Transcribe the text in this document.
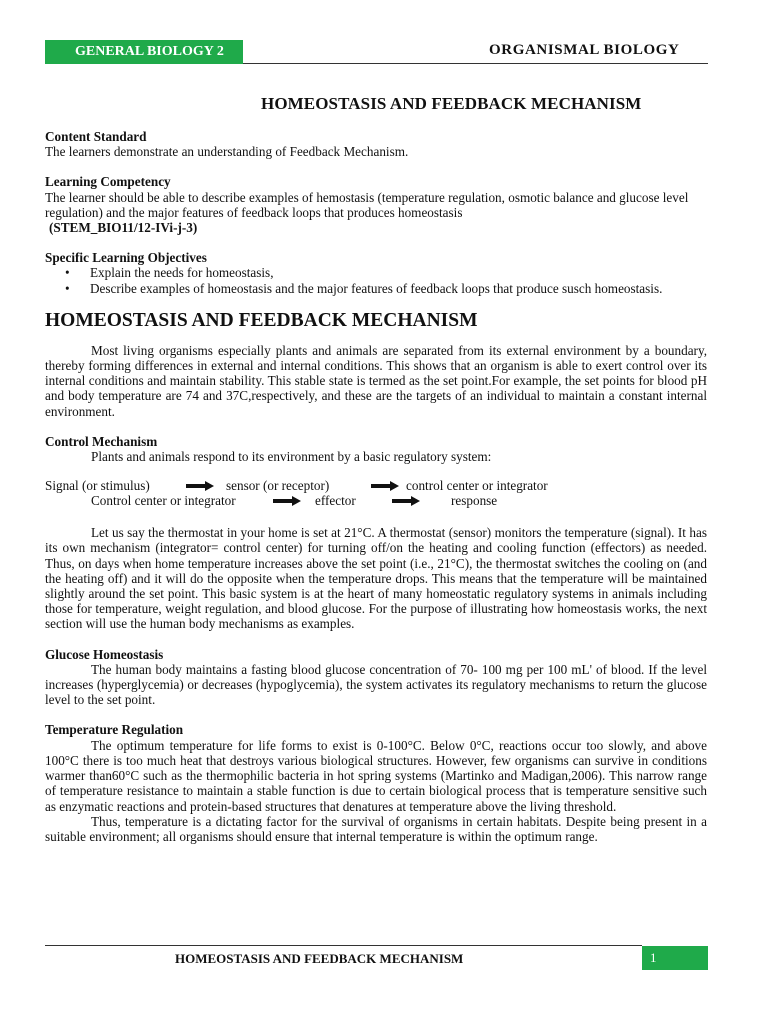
GENERAL BIOLOGY 2	ORGANISMAL BIOLOGY
HOMEOSTASIS AND FEEDBACK MECHANISM

Content Standard

The learners demonstrate an understanding of Feedback Mechanism.

Learning Competency

The learner should be able to describe examples of hemostasis (temperature regulation, osmotic balance and glucose level regulation) and the major features of feedback loops that produces homeostasis

(STEM_BIO11/12-IVi-j-3)

Specific Learning Objectives

• Explain the needs for homeostasis,
• Describe examples of homeostasis and the major features of feedback loops that produce susch homeostasis.
HOMEOSTASIS AND FEEDBACK MECHANISM

Most living organisms especially plants and animals are separated from its external environment by a boundary, thereby forming differences in external and internal conditions. This shows that an organism is able to exert control over its internal conditions and maintain stability. This stable state is termed as the set point.For example, the set points for blood pH and body temperature are 74 and 37C,respectively, and these are the targets of an individual to maintain a constant internal environment.

Control Mechanism

Plants and animals respond to its environment by a basic regulatory system:

Signal (or stimulus)	sensor (or receptor)	control center or integrator
Control center or integrator	effector	response

Let us say the thermostat in your home is set at 21°C. A thermostat (sensor) monitors the temperature (signal). It has its own mechanism (integrator= control center) for turning off/on the heating and cooling function (effectors) as needed. Thus, on days when home temperature increases above the set point (i.e., 21°C), the thermostat switches the cooling on (and the heating off) and it will do the opposite when the temperature drops. This means that the temperature will be maintained slightly around the set point. This basic system is at the heart of many homeostatic regulatory systems in animals including those for temperature, weight regulation, and blood glucose. For the purpose of illustrating how homeostasis works, the next section will use the human body mechanisms as examples.

Glucose Homeostasis

The human body maintains a fasting blood glucose concentration of 70- 100 mg per 100 mL' of blood. If the level increases (hyperglycemia) or decreases (hypoglycemia), the system activates its regulatory mechanisms to return the glucose level to the set point.

Temperature Regulation

The optimum temperature for life forms to exist is 0-100°C. Below 0°C, reactions occur too slowly, and above 100°C there is too much heat that destroys various biological structures. However, few organisms can survive in conditions warmer than60°C such as the thermophilic bacteria in hot spring systems (Martinko and Madigan,2006). This narrow range of temperature resistance to maintain a stable function is due to certain biological process that is temperature sensitive such as enzymatic reactions and protein-based structures that denatures at temperature above the living threshold.

Thus, temperature is a dictating factor for the survival of organisms in certain habitats. Despite being present in a suitable environment; all organisms should ensure that internal temperature is within the optimum range.

HOMEOSTASIS AND FEEDBACK MECHANISM	1
